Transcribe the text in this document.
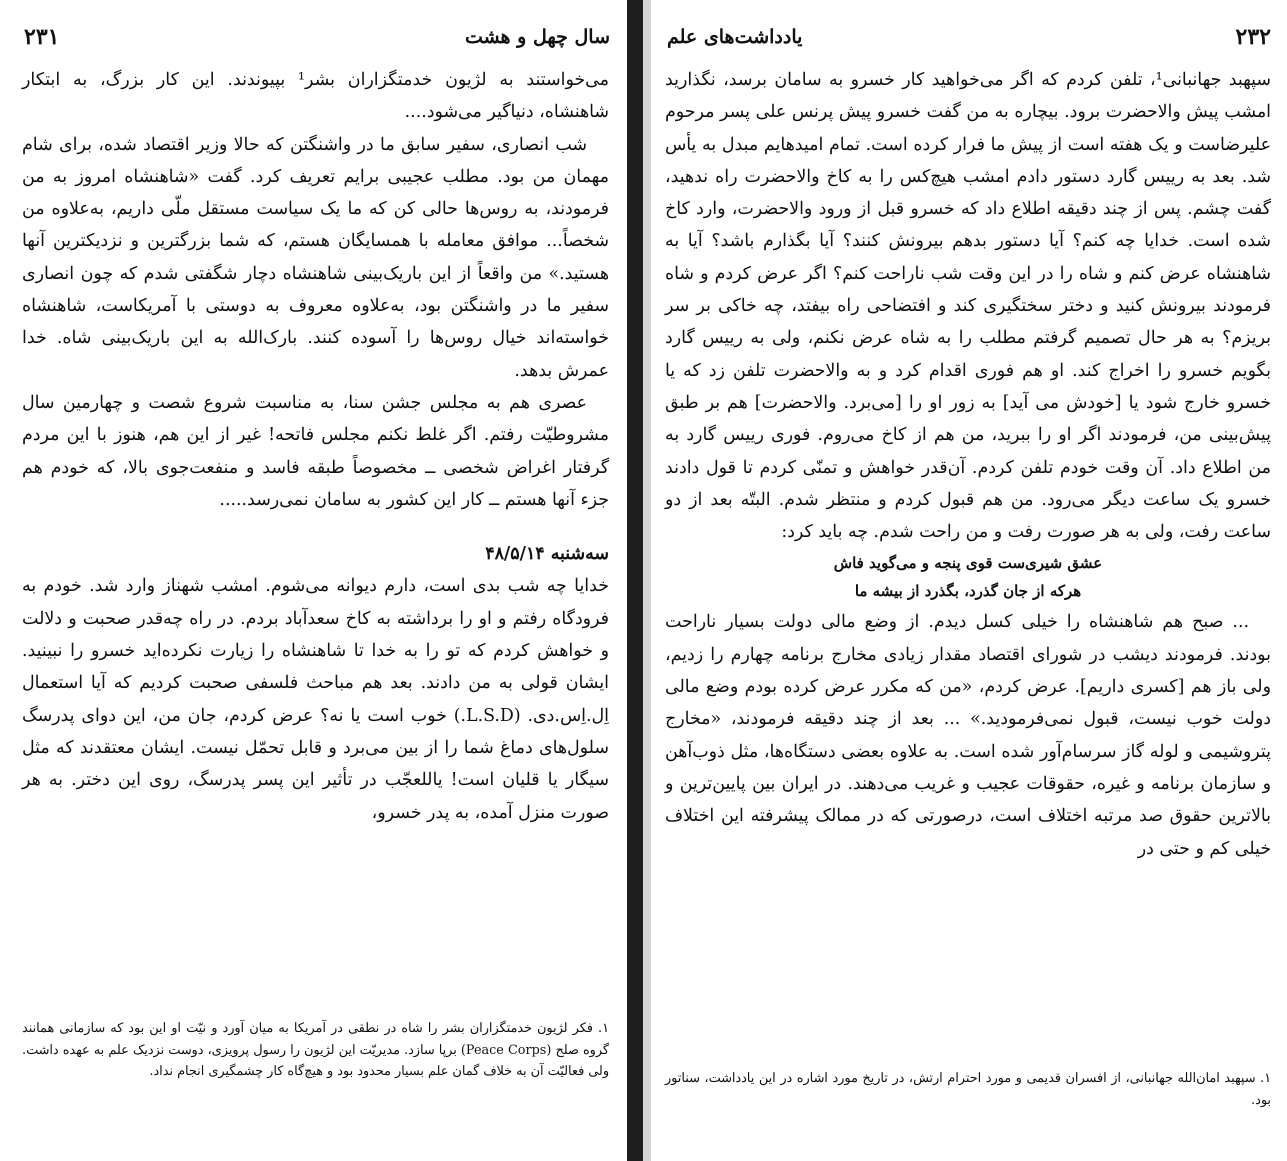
سال چهل و هشت
۲۳۱

می‌خواستند به لژیون خدمتگزاران بشر¹ بپیوندند. این کار بزرگ، به ابتکار شاهنشاه، دنیاگیر می‌شود....

شب انصاری، سفیر سابق ما در واشنگتن که حالا وزیر اقتصاد شده، برای شام مهمان من بود. مطلب عجیبی برایم تعریف کرد. گفت «شاهنشاه امروز به من فرمودند، به روس‌ها حالی کن که ما یک سیاست مستقل ملّی داریم، به‌علاوه من شخصاً... موافق معامله با همسایگان هستم، که شما بزرگترین و نزدیکترین آنها هستید.» من واقعاً از این باریک‌بینی شاهنشاه دچار شگفتی شدم که چون انصاری سفیر ما در واشنگتن بود، به‌علاوه معروف به دوستی با آمریکاست، شاهنشاه خواسته‌اند خیال روس‌ها را آسوده کنند. بارک‌الله به این باریک‌بینی شاه. خدا عمرش بدهد.

عصری هم به مجلس جشن سنا، به مناسبت شروع شصت و چهارمین سال مشروطیّت رفتم. اگر غلط نکنم مجلس فاتحه! غیر از این هم، هنوز با این مردم گرفتار اغراض شخصی ــ مخصوصاً طبقه فاسد و منفعت‌جوی بالا، که خودم هم جزء آنها هستم ــ کار این کشور به سامان نمی‌رسد.....

سه‌شنبه ۴۸/۵/۱۴

خدایا چه شب بدی است، دارم دیوانه می‌شوم. امشب شهناز وارد شد. خودم به فرودگاه رفتم و او را برداشته به کاخ سعدآباد بردم. در راه چه‌قدر صحبت و دلالت و خواهش کردم که تو را به خدا تا شاهنشاه را زیارت نکرده‌اید خسرو را نبینید. ایشان قولی به من دادند. بعد هم مباحث فلسفی صحبت کردیم که آیا استعمال اِل.اِس.دی. (L.S.D.) خوب است یا نه؟ عرض کردم، جان من، این دوای پدرسگ سلول‌های دماغ شما را از بین می‌برد و قابل تحمّل نیست. ایشان معتقدند که مثل سیگار یا قلیان است! یاللعجّب در تأثیر این پسر پدرسگ، روی این دختر. به هر صورت منزل آمده، به پدر خسرو،

۱. فکر لژیون خدمتگزاران بشر را شاه در نطقی در آمریکا به میان آورد و نیّت او این بود که سازمانی همانند گروه صلح (Peace Corps) برپا سازد. مدیریّت این لژیون را رسول پرویزی، دوست نزدیک علم به عهده داشت. ولی فعالیّت آن به خلاف گمان علم بسیار محدود بود و هیچ‌گاه کار چشمگیری انجام نداد.
۲۳۲
یادداشت‌های علم

سپهبد جهانبانی¹، تلفن کردم که اگر می‌خواهید کار خسرو به سامان برسد، نگذارید امشب پیش والاحضرت برود. بیچاره به من گفت خسرو پیش پرنس علی پسر مرحوم علیرضاست و یک هفته است از پیش ما فرار کرده است. تمام امیدهایم مبدل به یأس شد. بعد به رییس گارد دستور دادم امشب هیچ‌کس را به کاخ والاحضرت راه ندهید، گفت چشم. پس از چند دقیقه اطلاع داد که خسرو قبل از ورود والاحضرت، وارد کاخ شده است. خدایا چه کنم؟ آیا دستور بدهم بیرونش کنند؟ آیا بگذارم باشد؟ آیا به شاهنشاه عرض کنم و شاه را در این وقت شب ناراحت کنم؟ اگر عرض کردم و شاه فرمودند بیرونش کنید و دختر سختگیری کند و افتضاحی راه بیفتد، چه خاکی بر سر بریزم؟ به هر حال تصمیم گرفتم مطلب را به شاه عرض نکنم، ولی به رییس گارد بگویم خسرو را اخراج کند. او هم فوری اقدام کرد و به والاحضرت تلفن زد که یا خسرو خارج شود یا [خودش می آید] به زور او را [می‌برد. والاحضرت] هم بر طبق پیش‌بینی من، فرمودند اگر او را ببرید، من هم از کاخ می‌روم. فوری رییس گارد به من اطلاع داد. آن وقت خودم تلفن کردم. آن‌قدر خواهش و تمنّی کردم تا قول دادند خسرو یک ساعت دیگر می‌رود. من هم قبول کردم و منتظر شدم. البتّه بعد از دو ساعت رفت، ولی به هر صورت رفت و من راحت شدم. چه باید کرد:

عشق شیری‌ست قوی پنجه و می‌گوید فاش

هرکه از جان گذرد، بگذرد از بیشه ما

... صبح هم شاهنشاه را خیلی کسل دیدم. از وضع مالی دولت بسیار ناراحت بودند. فرمودند دیشب در شورای اقتصاد مقدار زیادی مخارج برنامه چهارم را زدیم، ولی باز هم [کسری داریم]. عرض کردم، «من که مکرر عرض کرده بودم وضع مالی دولت خوب نیست، قبول نمی‌فرمودید.» ... بعد از چند دقیقه فرمودند، «مخارج پتروشیمی و لوله گاز سرسام‌آور شده است. به علاوه بعضی دستگاه‌ها، مثل ذوب‌آهن و سازمان برنامه و غیره، حقوقات عجیب و غریب می‌دهند. در ایران بین پایین‌ترین و بالاترین حقوق صد مرتبه اختلاف است، درصورتی که در ممالک پیشرفته این اختلاف خیلی کم و حتی در

۱. سپهبد امان‌الله جهانبانی، از افسران قدیمی و مورد احترام ارتش، در تاریخ مورد اشاره در این یادداشت، سناتور بود.
